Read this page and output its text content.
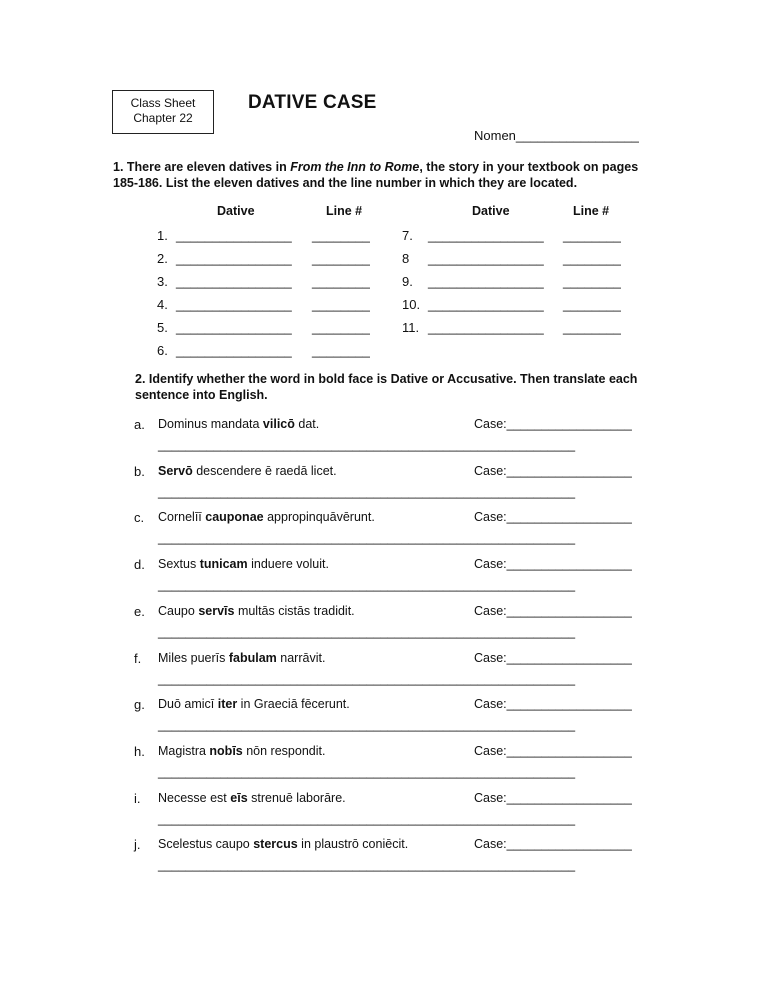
Class Sheet
Chapter 22
DATIVE CASE
Nomen_________________
1. There are eleven datives in From the Inn to Rome, the story in your textbook on pages 185-186. List the eleven datives and the line number in which they are located.
Dative	Line #	Dative	Line #
1. ________________ ________
2. ________________ ________
3. ________________ ________
4. ________________ ________
5. ________________ ________
6. ________________ ________
7. ________________ ________
8 ________________ ________
9. ________________ ________
10. ________________ ________
11. ________________ ________
2. Identify whether the word in bold face is Dative or Accusative. Then translate each sentence into English.
a. Dominus mandata vilicō dat.	Case:__________________
____________________________________________________________
b. Servō descendere ē raedā licet.	Case:__________________
____________________________________________________________
c. Cornelīī cauponae appropinquāvērunt.	Case:__________________
____________________________________________________________
d. Sextus tunicam induere voluit.	Case:__________________
____________________________________________________________
e. Caupo servīs multās cistās tradidit.	Case:__________________
____________________________________________________________
f. Miles puerīs fabulam narrāvit.	Case:__________________
____________________________________________________________
g. Duō amicī iter in Graeciā fēcerunt.	Case:__________________
____________________________________________________________
h. Magistra nobīs nōn respondit.	Case:__________________
____________________________________________________________
i. Necesse est eīs strenuē laborāre.	Case:__________________
____________________________________________________________
j. Scelestus caupo stercus in plaustrō coniēcit.	Case:__________________
____________________________________________________________
